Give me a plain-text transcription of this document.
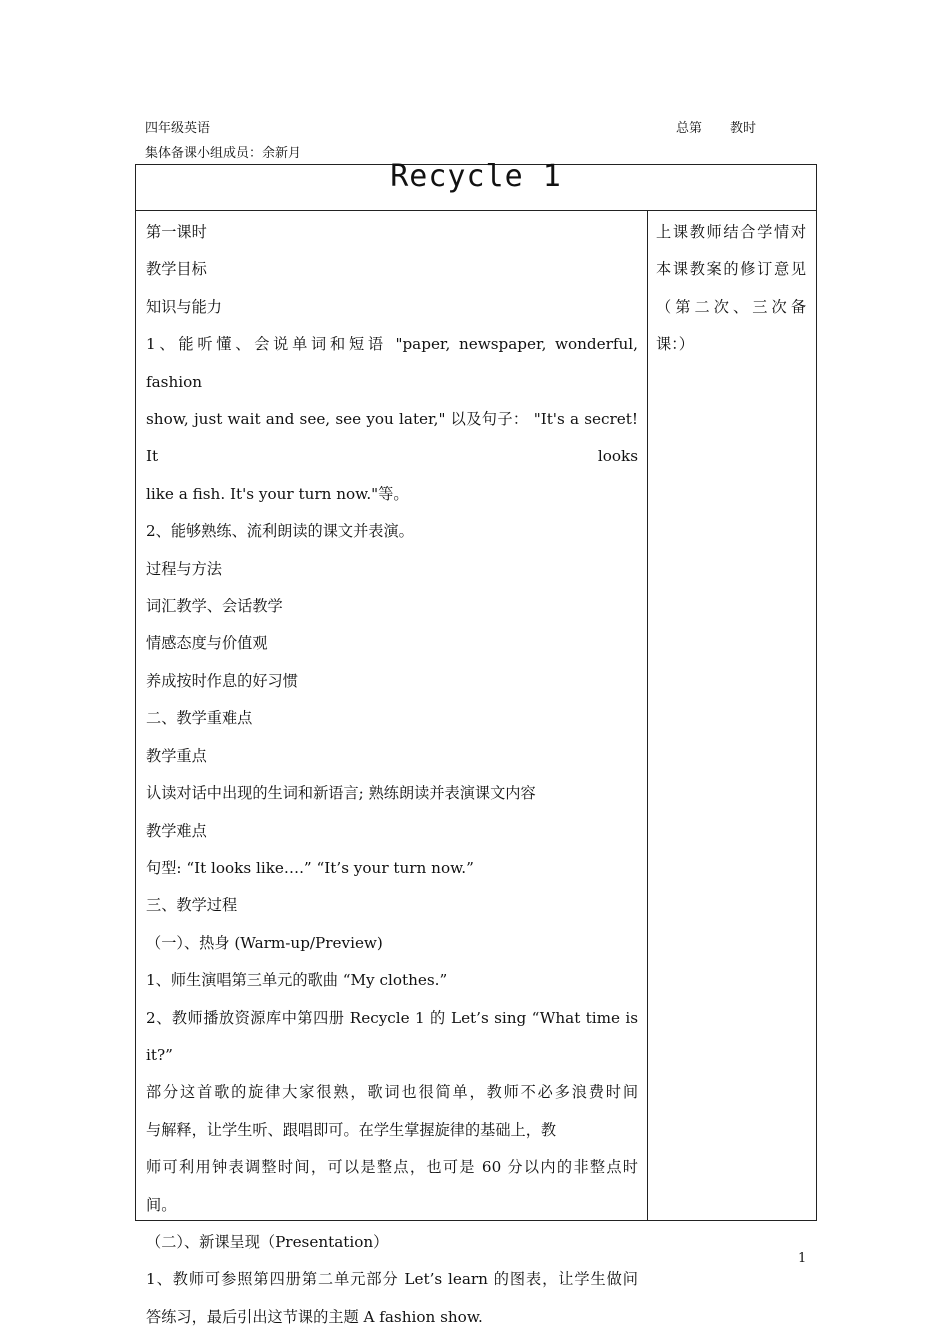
四年级英语	总第 教时
集体备课小组成员：余新月
Recycle 1
第一课时
教学目标
知识与能力
1、能听懂、会说单词和短语 "paper, newspaper, wonderful, fashion
show, just wait and see, see you later," 以及句子： "It's a secret! It looks
like a fish. It's your turn now."等。
2、能够熟练、流利朗读的课文并表演。
过程与方法
词汇教学、会话教学
情感态度与价值观
养成按时作息的好习惯
二、教学重难点
教学重点
认读对话中出现的生词和新语言; 熟练朗读并表演课文内容
教学难点
句型: “It looks like….” “It’s your turn now.”
三、教学过程
（一）、热身 (Warm-up/Preview)
1、师生演唱第三单元的歌曲 “My clothes.”
2、教师播放资源库中第四册 Recycle 1 的 Let’s sing “What time is it?”
部分这首歌的旋律大家很熟，歌词也很简单，教师不必多浪费时间
与解释，让学生听、跟唱即可。在学生掌握旋律的基础上，教
师可利用钟表调整时间，可以是整点，也可是 60 分以内的非整点时
间。
（二）、新课呈现（Presentation）
1、教师可参照第四册第二单元部分 Let’s learn 的图表，让学生做问
答练习，最后引出这节课的主题 A fashion show.
上课教师结合学情对
本课教案的修订意见
（第二次、三次备
课：）
1
